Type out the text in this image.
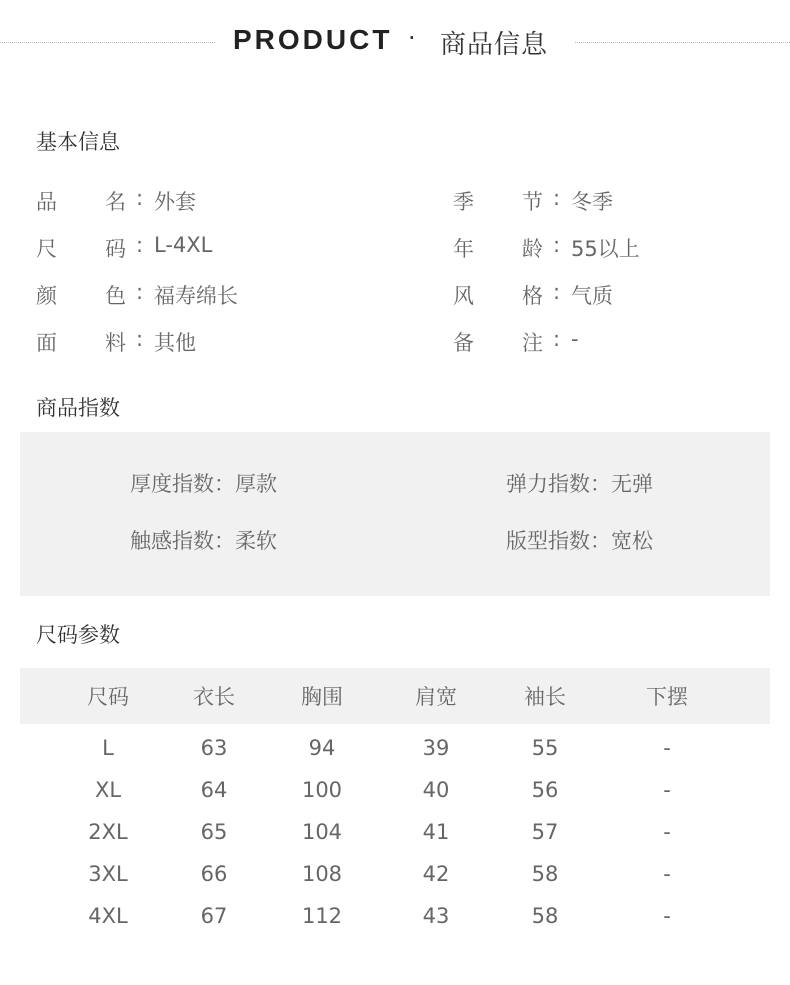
PRODUCT · 商品信息
基本信息
品 名 : 外套
尺 码 : L-4XL
颜 色 : 福寿绵长
面 料 : 其他
季 节 : 冬季
年 龄 : 55以上
风 格 : 气质
备 注 : -
商品指数
厚度指数：厚款	弹力指数：无弹
触感指数：柔软	版型指数：宽松
尺码参数
尺码	衣长	胸围	肩宽	袖长	下摆
L	63	94	39	55	-
XL	64	100	40	56	-
2XL	65	104	41	57	-
3XL	66	108	42	58	-
4XL	67	112	43	58	-
